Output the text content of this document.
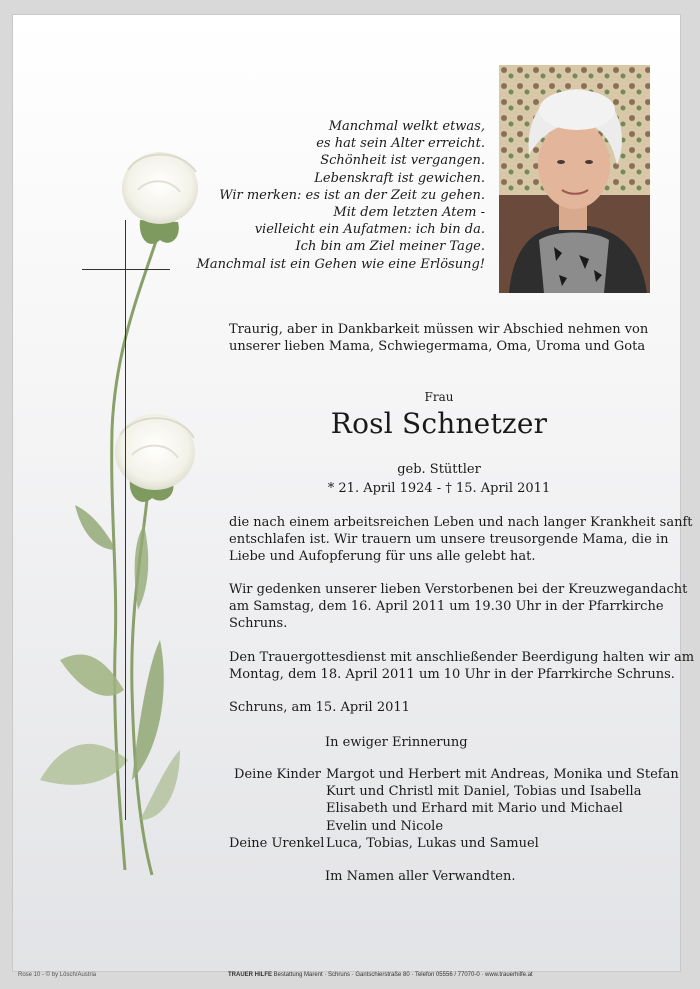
Manchmal welkt etwas,
es hat sein Alter erreicht.
Schönheit ist vergangen.
Lebenskraft ist gewichen.
Wir merken: es ist an der Zeit zu gehen.
Mit dem letzten Atem -
vielleicht ein Aufatmen: ich bin da.
Ich bin am Ziel meiner Tage.
Manchmal ist ein Gehen wie eine Erlösung!
Traurig, aber in Dankbarkeit müssen wir Abschied nehmen von
unserer lieben Mama, Schwiegermama, Oma, Uroma und Gota
Frau
Rosl Schnetzer
geb. Stüttler
* 21. April 1924 - † 15. April 2011
die nach einem arbeitsreichen Leben und nach langer Krankheit sanft
entschlafen ist. Wir trauern um unsere treusorgende Mama, die in
Liebe und Aufopferung für uns alle gelebt hat.
Wir gedenken unserer lieben Verstorbenen bei der Kreuzwegandacht
am Samstag, dem 16. April 2011 um 19.30 Uhr in der Pfarrkirche
Schruns.
Den Trauergottesdienst mit anschließender Beerdigung halten wir am
Montag, dem 18. April 2011 um 10 Uhr in der Pfarrkirche Schruns.
Schruns, am 15. April 2011
In ewiger Erinnerung
Deine Kinder Margot und Herbert mit Andreas, Monika und Stefan
Kurt und Christl mit Daniel, Tobias und Isabella
Elisabeth und Erhard mit Mario und Michael
Evelin und Nicole
Deine Urenkel Luca, Tobias, Lukas und Samuel
Im Namen aller Verwandten.
Rose 10 - © by Lösch/Austria	TRAUER HILFE Bestattung Marent · Schruns · Gantschierstraße 80 · Telefon 05556 / 77070-0 · www.trauerhilfe.at
